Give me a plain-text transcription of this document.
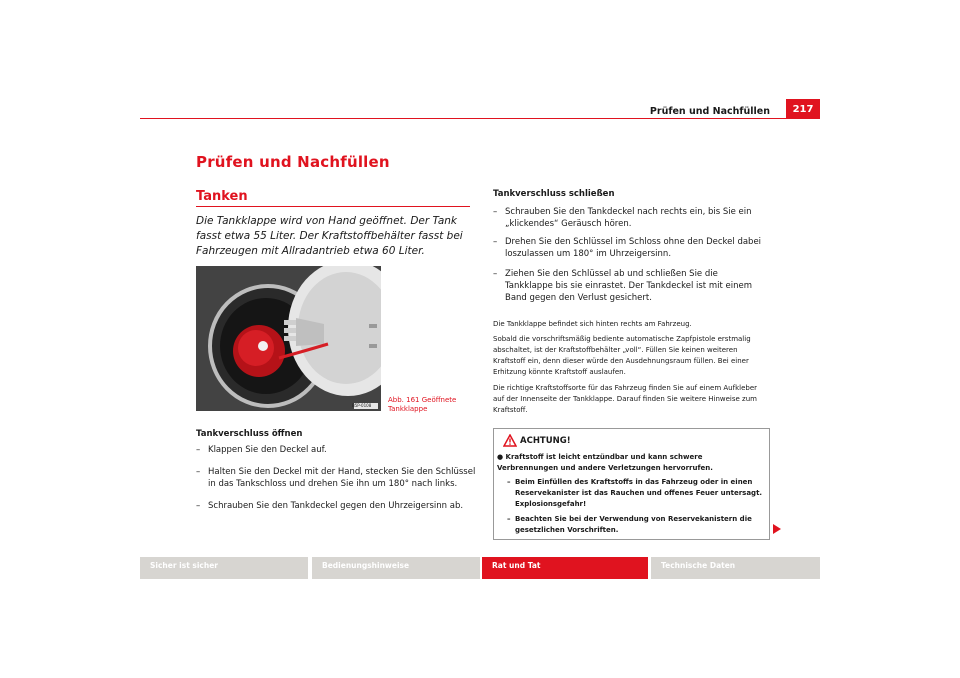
Prüfen und Nachfüllen	217
Prüfen und Nachfüllen
Tanken
Die Tankklappe wird von Hand geöffnet. Der Tank fasst etwa 55 Liter. Der Kraftstoffbehälter fasst bei Fahrzeugen mit Allradantrieb etwa 60 Liter.
B5P-0108
Abb. 161 Geöffnete
Tankklappe
Tankverschluss öffnen
– Klappen Sie den Deckel auf.
– Halten Sie den Deckel mit der Hand, stecken Sie den Schlüssel in das Tankschloss und drehen Sie ihn um 180° nach links.
– Schrauben Sie den Tankdeckel gegen den Uhrzeigersinn ab.
Tankverschluss schließen
– Schrauben Sie den Tankdeckel nach rechts ein, bis Sie ein „klickendes“ Geräusch hören.
– Drehen Sie den Schlüssel im Schloss ohne den Deckel dabei loszulassen um 180° im Uhrzeigersinn.
– Ziehen Sie den Schlüssel ab und schließen Sie die Tankklappe bis sie einrastet. Der Tankdeckel ist mit einem Band gegen den Verlust gesichert.
Die Tankklappe befindet sich hinten rechts am Fahrzeug.
Sobald die vorschriftsmäßig bediente automatische Zapfpistole erstmalig abschaltet, ist der Kraftstoffbehälter „voll“. Füllen Sie keinen weiteren Kraftstoff ein, denn dieser würde den Ausdehnungsraum füllen. Bei einer Erhitzung könnte Kraftstoff auslaufen.
Die richtige Kraftstoffsorte für das Fahrzeug finden Sie auf einem Aufkleber auf der Innenseite der Tankklappe. Darauf finden Sie weitere Hinweise zum Kraftstoff.
ACHTUNG!
● Kraftstoff ist leicht entzündbar und kann schwere Verbrennungen und andere Verletzungen hervorrufen.
– Beim Einfüllen des Kraftstoffs in das Fahrzeug oder in einen Reservekanister ist das Rauchen und offenes Feuer untersagt. Explosionsgefahr!
– Beachten Sie bei der Verwendung von Reservekanistern die gesetzlichen Vorschriften.
Sicher ist sicher	Bedienungshinweise	Rat und Tat	Technische Daten
